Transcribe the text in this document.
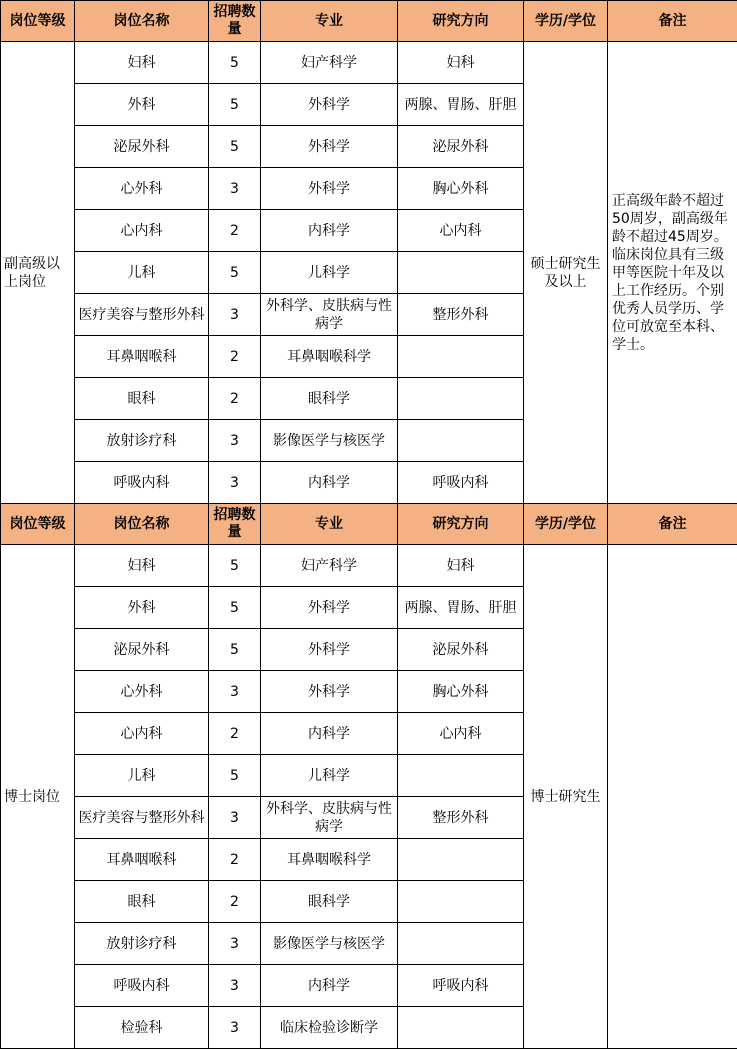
岗位等级	岗位名称	招聘数量	专业	研究方向	学历/学位	备注
副高级以上岗位	妇科	5	妇产科学	妇科	硕士研究生及以上	正高级年龄不超过50周岁，副高级年龄不超过45周岁。临床岗位具有三级甲等医院十年及以上工作经历。个别优秀人员学历、学位可放宽至本科、学士。
	外科	5	外科学	两腺、胃肠、肝胆		
	泌尿外科	5	外科学	泌尿外科		
	心外科	3	外科学	胸心外科		
	心内科	2	内科学	心内科		
	儿科	5	儿科学			
	医疗美容与整形外科	3	外科学、皮肤病与性病学	整形外科		
	耳鼻咽喉科	2	耳鼻咽喉科学			
	眼科	2	眼科学			
	放射诊疗科	3	影像医学与核医学			
	呼吸内科	3	内科学	呼吸内科		
岗位等级	岗位名称	招聘数量	专业	研究方向	学历/学位	备注
博士岗位	妇科	5	妇产科学	妇科	博士研究生	
	外科	5	外科学	两腺、胃肠、肝胆		
	泌尿外科	5	外科学	泌尿外科		
	心外科	3	外科学	胸心外科		
	心内科	2	内科学	心内科		
	儿科	5	儿科学			
	医疗美容与整形外科	3	外科学、皮肤病与性病学	整形外科		
	耳鼻咽喉科	2	耳鼻咽喉科学			
	眼科	2	眼科学			
	放射诊疗科	3	影像医学与核医学			
	呼吸内科	3	内科学	呼吸内科		
	检验科	3	临床检验诊断学			
